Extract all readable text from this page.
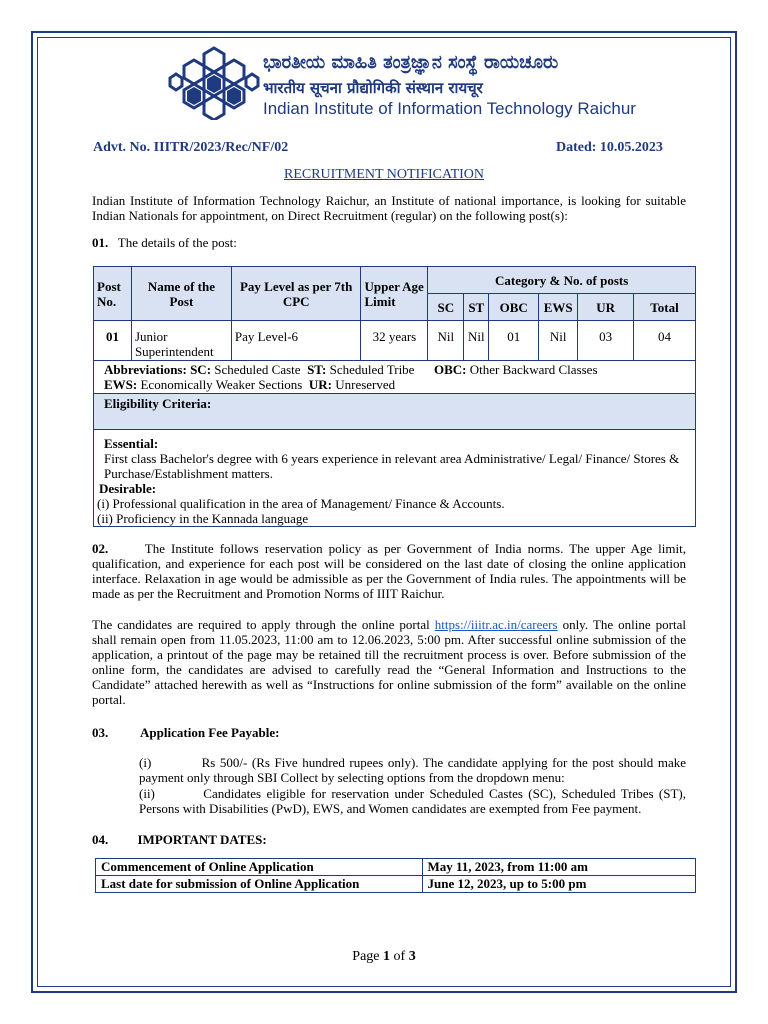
ಭಾರತೀಯ ಮಾಹಿತಿ ತಂತ್ರಜ್ಞಾನ ಸಂಸ್ಥೆ ರಾಯಚೂರು
भारतीय सूचना प्रौद्योगिकी संस्थान रायचूर
Indian Institute of Information Technology Raichur
Advt. No. IIITR/2023/Rec/NF/02	Dated: 10.05.2023
RECRUITMENT NOTIFICATION
Indian Institute of Information Technology Raichur, an Institute of national importance, is looking for suitable Indian Nationals for appointment, on Direct Recruitment (regular) on the following post(s):
01. The details of the post:
Post No.	Name of the Post	Pay Level as per 7th CPC	Upper Age Limit	Category & No. of posts					
				SC	ST	OBC	EWS	UR	Total
01	Junior Superintendent	Pay Level-6	32 years	Nil	Nil	01	Nil	03	04
Abbreviations: SC: Scheduled Caste ST: Scheduled Tribe OBC: Other Backward Classes
EWS: Economically Weaker Sections UR: Unreserved									
Eligibility Criteria:									

Essential:
First class Bachelor's degree with 6 years experience in relevant area Administrative/ Legal/ Finance/ Stores & Purchase/Establishment matters.
Desirable:
(i) Professional qualification in the area of Management/ Finance & Accounts.
(ii) Proficiency in the Kannada language									
02.	The Institute follows reservation policy as per Government of India norms. The upper Age limit, qualification, and experience for each post will be considered on the last date of closing the online application interface. Relaxation in age would be admissible as per the Government of India rules. The appointments will be made as per the Recruitment and Promotion Norms of IIIT Raichur.
The candidates are required to apply through the online portal https://iiitr.ac.in/careers only. The online portal shall remain open from 11.05.2023, 11:00 am to 12.06.2023, 5:00 pm. After successful online submission of the application, a printout of the page may be retained till the recruitment process is over. Before submission of the online form, the candidates are advised to carefully read the “General Information and Instructions to the Candidate” attached herewith as well as “Instructions for online submission of the form” available on the online portal.
03. Application Fee Payable:
(i)	Rs 500/- (Rs Five hundred rupees only). The candidate applying for the post should make payment only through SBI Collect by selecting options from the dropdown menu:
(ii)	Candidates eligible for reservation under Scheduled Castes (SC), Scheduled Tribes (ST), Persons with Disabilities (PwD), EWS, and Women candidates are exempted from Fee payment.
04. IMPORTANT DATES:
Commencement of Online Application	May 11, 2023, from 11:00 am
Last date for submission of Online Application	June 12, 2023, up to 5:00 pm
Page 1 of 3
